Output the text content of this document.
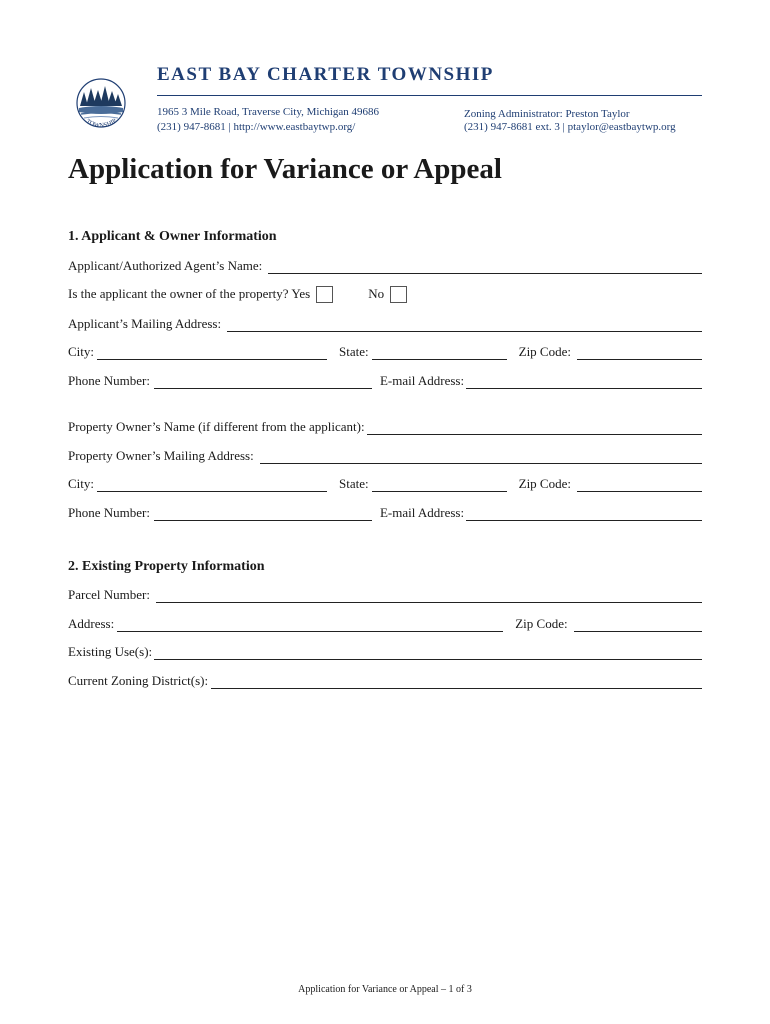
TOWNSHIP
EAST BAY CHARTER TOWNSHIP
1965 3 Mile Road, Traverse City, Michigan 49686
(231) 947-8681 | http://www.eastbaytwp.org/
Zoning Administrator: Preston Taylor
(231) 947-8681 ext. 3 | ptaylor@eastbaytwp.org
Application for Variance or Appeal
1. Applicant & Owner Information
Applicant/Authorized Agent’s Name:
Is the applicant the owner of the property? Yes	No
Applicant’s Mailing Address:
City:	State:	Zip Code:
Phone Number:	E-mail Address:
Property Owner’s Name (if different from the applicant):
Property Owner’s Mailing Address:
City:	State:	Zip Code:
Phone Number:	E-mail Address:
2. Existing Property Information
Parcel Number:
Address:	Zip Code:
Existing Use(s):
Current Zoning District(s):
Application for Variance or Appeal – 1 of 3
